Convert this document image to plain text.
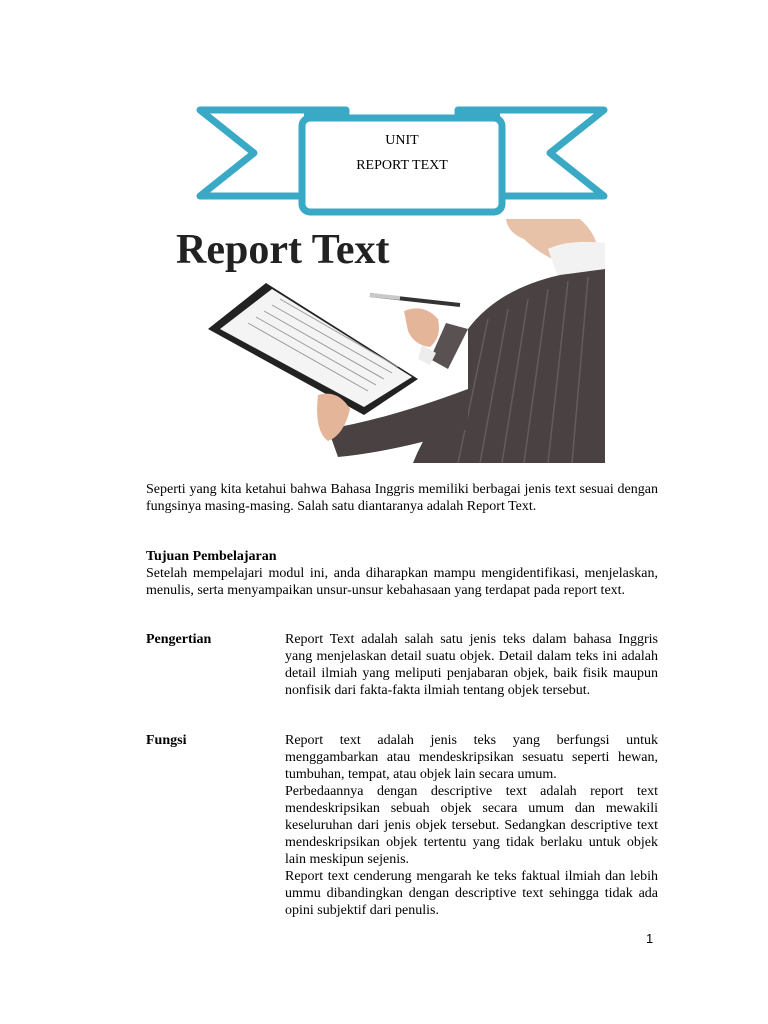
UNIT
REPORT TEXT
Report Text
Seperti yang kita ketahui bahwa Bahasa Inggris memiliki berbagai jenis text sesuai dengan fungsinya masing-masing. Salah satu diantaranya adalah Report Text.
Tujuan Pembelajaran
Setelah mempelajari modul ini, anda diharapkan mampu mengidentifikasi, menjelaskan, menulis, serta menyampaikan unsur-unsur kebahasaan yang terdapat pada report text.
Pengertian	Report Text adalah salah satu jenis teks dalam bahasa Inggris yang menjelaskan detail suatu objek. Detail dalam teks ini adalah detail ilmiah yang meliputi penjabaran objek, baik fisik maupun nonfisik dari fakta-fakta ilmiah tentang objek tersebut.
Fungsi	Report text adalah jenis teks yang berfungsi untuk menggambarkan atau mendeskripsikan sesuatu seperti hewan, tumbuhan, tempat, atau objek lain secara umum.

Perbedaannya dengan descriptive text adalah report text mendeskripsikan sebuah objek secara umum dan mewakili keseluruhan dari jenis objek tersebut. Sedangkan descriptive text mendeskripsikan objek tertentu yang tidak berlaku untuk objek lain meskipun sejenis.

Report text cenderung mengarah ke teks faktual ilmiah dan lebih ummu dibandingkan dengan descriptive text sehingga tidak ada opini subjektif dari penulis.

1
